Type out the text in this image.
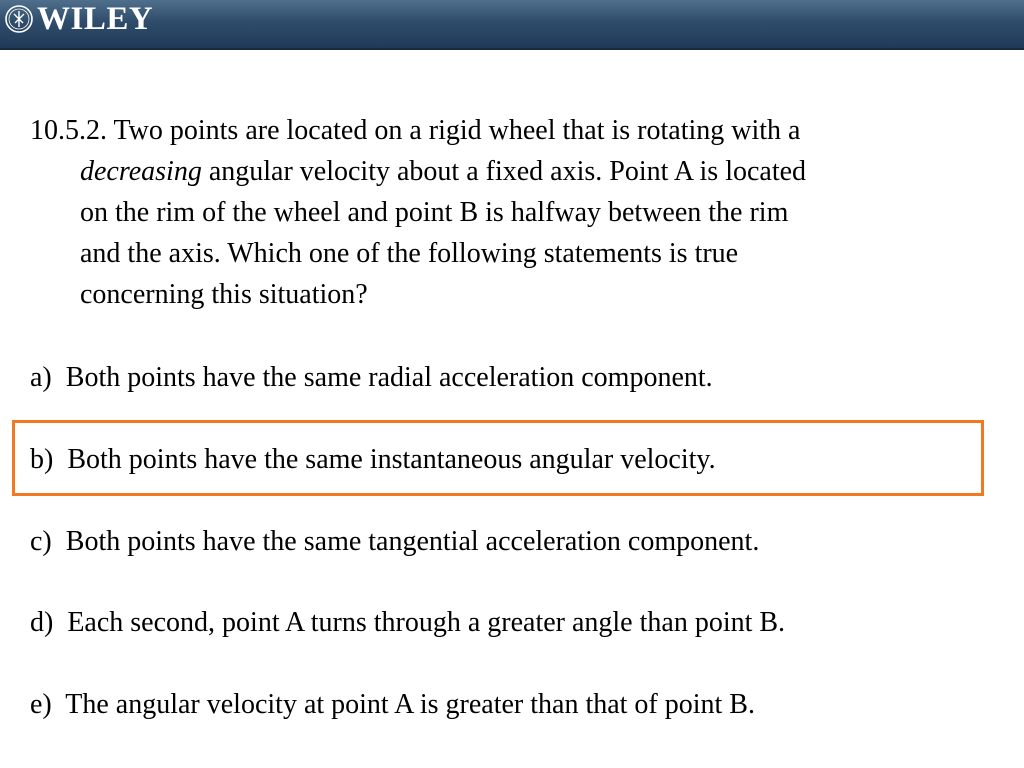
WILEY
10.5.2. Two points are located on a rigid wheel that is rotating with a
decreasing angular velocity about a fixed axis. Point A is located
on the rim of the wheel and point B is halfway between the rim
and the axis. Which one of the following statements is true
concerning this situation?
a) Both points have the same radial acceleration component.
b) Both points have the same instantaneous angular velocity.
c) Both points have the same tangential acceleration component.
d) Each second, point A turns through a greater angle than point B.
e) The angular velocity at point A is greater than that of point B.
